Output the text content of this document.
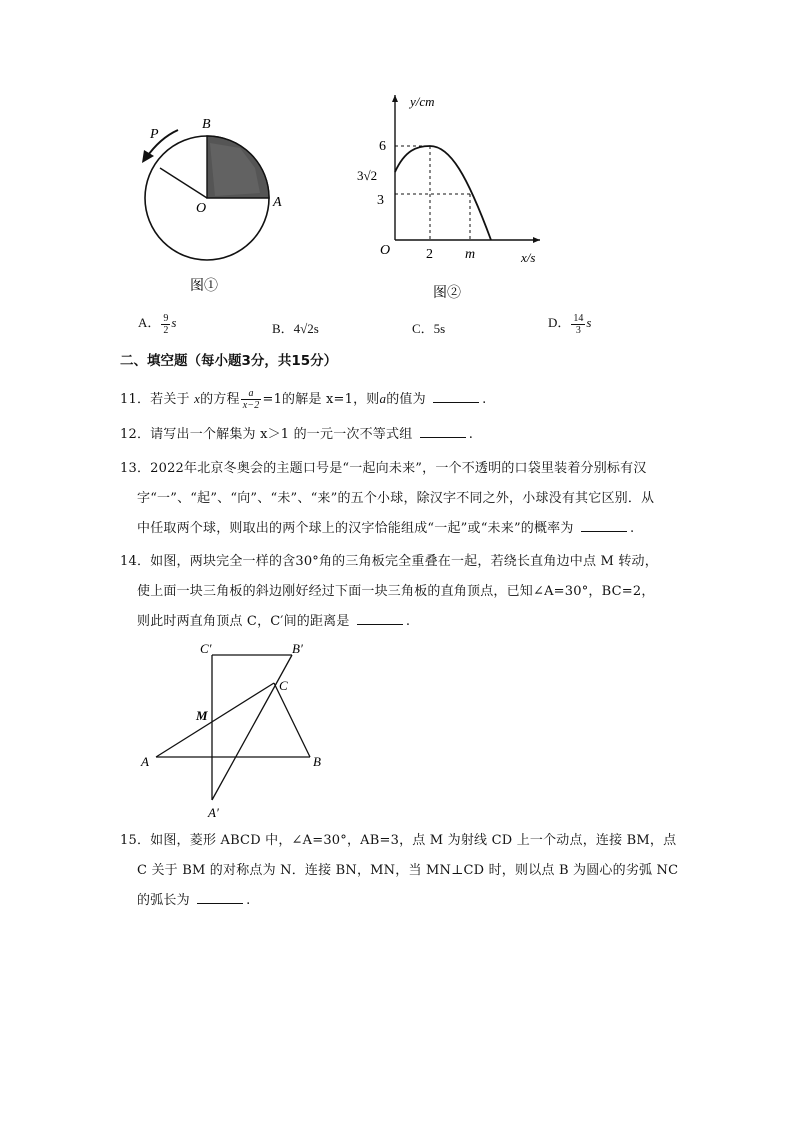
P
B
O	A
图①
y/cm
x/s
6
3√2
3
O	2 m
图②
A． $\frac{9}{2}$ s	B．4√2s	C．5s	D． $\frac{14}{3}$ s
二、填空题（每小题3分，共15分）
11．若关于 x的方程 $\frac{a}{x-2} =1$的解是 x=1，则a的值为	.
12．请写出一个解集为 x＞1 的一元一次不等式组	.
13．2022年北京冬奥会的主题口号是“一起向未来”，一个不透明的口袋里装着分别标有汉
字“一”、“起”、“向”、“未”、“来”的五个小球，除汉字不同之外，小球没有其它区别．从
中任取两个球，则取出的两个球上的汉字恰能组成“一起”或“未来”的概率为	.
14．如图，两块完全一样的含30°角的三角板完全重叠在一起，若绕长直角边中点 M 转动，
使上面一块三角板的斜边刚好经过下面一块三角板的直角顶点，已知∠A=30°，BC=2，
则此时两直角顶点 C，C′间的距离是	.
C′	B′
C
M
A	B
A′
15．如图，菱形 ABCD 中，∠A=30°，AB=3，点 M 为射线 CD 上一个动点，连接 BM，点
C 关于 BM 的对称点为 N．连接 BN，MN，当 MN⊥CD 时，则以点 B 为圆心的劣弧 NC
的弧长为	.
